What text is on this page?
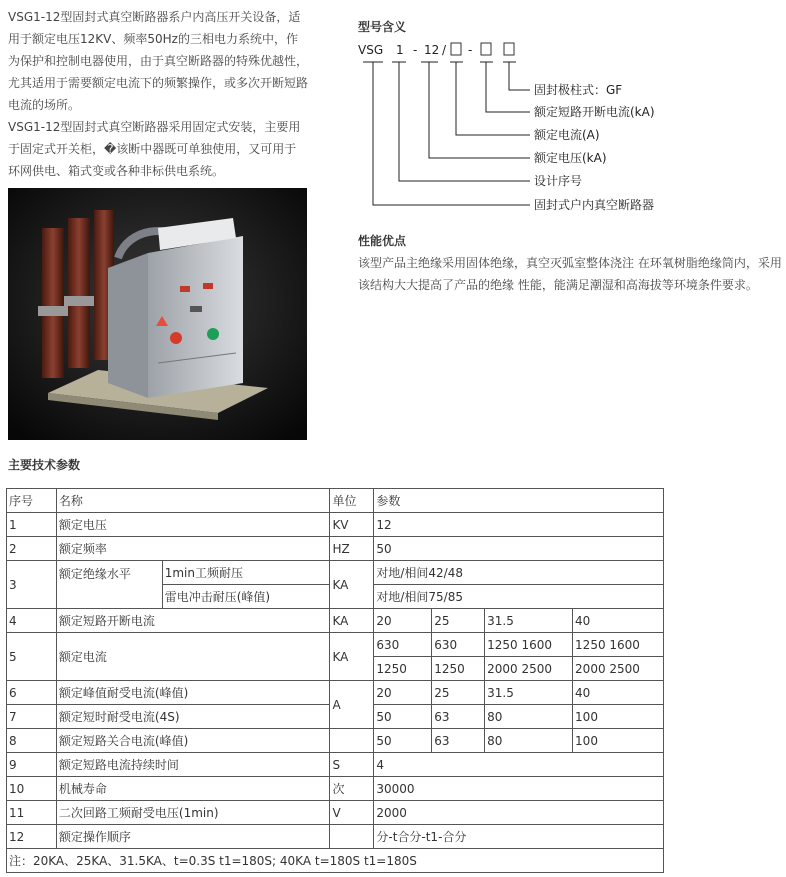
VSG1-12型固封式真空断路器系户内高压开关设备，适用于额定电压12KV、频率50Hz的三相电力系统中，作为保护和控制电器使用，由于真空断路器的特殊优越性，尤其适用于需要额定电流下的频繁操作，或多次开断短路电流的场所。

VSG1-12型固封式真空断路器采用固定式安装，主要用于固定式开关柜，�该断中器既可单独使用，又可用于环网供电、箱式变或各种非标供电系统。

型号含义
VSG 1 - 12 / -
固封极柱式：GF
额定短路开断电流(kA)
额定电流(A)
额定电压(kA)
设计序号
固封式户内真空断路器
性能优点
该型产品主绝缘采用固体绝缘，真空灭弧室整体浇注 在环氧树脂绝缘筒内，采用该结构大大提高了产品的绝缘 性能，能满足潮湿和高海拔等环境条件要求。
主要技术参数
序号	名称		单位	参数			
1	额定电压		KV	12			
2	额定频率		HZ	50			
3	额定绝缘水平	1min工频耐压	KA	对地/相间42/48			
		雷电冲击耐压(峰值)		对地/相间75/85			
4	额定短路开断电流		KA	20	25	31.5	40
5	额定电流		KA	630	630	1250 1600	1250 1600
				1250	1250	2000 2500	2000 2500
6	额定峰值耐受电流(峰值)		A	20	25	31.5	40
7	额定短时耐受电流(4S)			50	63	80	100
8	额定短路关合电流(峰值)			50	63	80	100
9	额定短路电流持续时间		S	4			
10	机械寿命		次	30000			
11	二次回路工频耐受电压(1min)		V	2000			
12	额定操作顺序			分-t合分-t1-合分			
注：20KA、25KA、31.5KA、t=0.3S t1=180S; 40KA t=180S t1=180S							
